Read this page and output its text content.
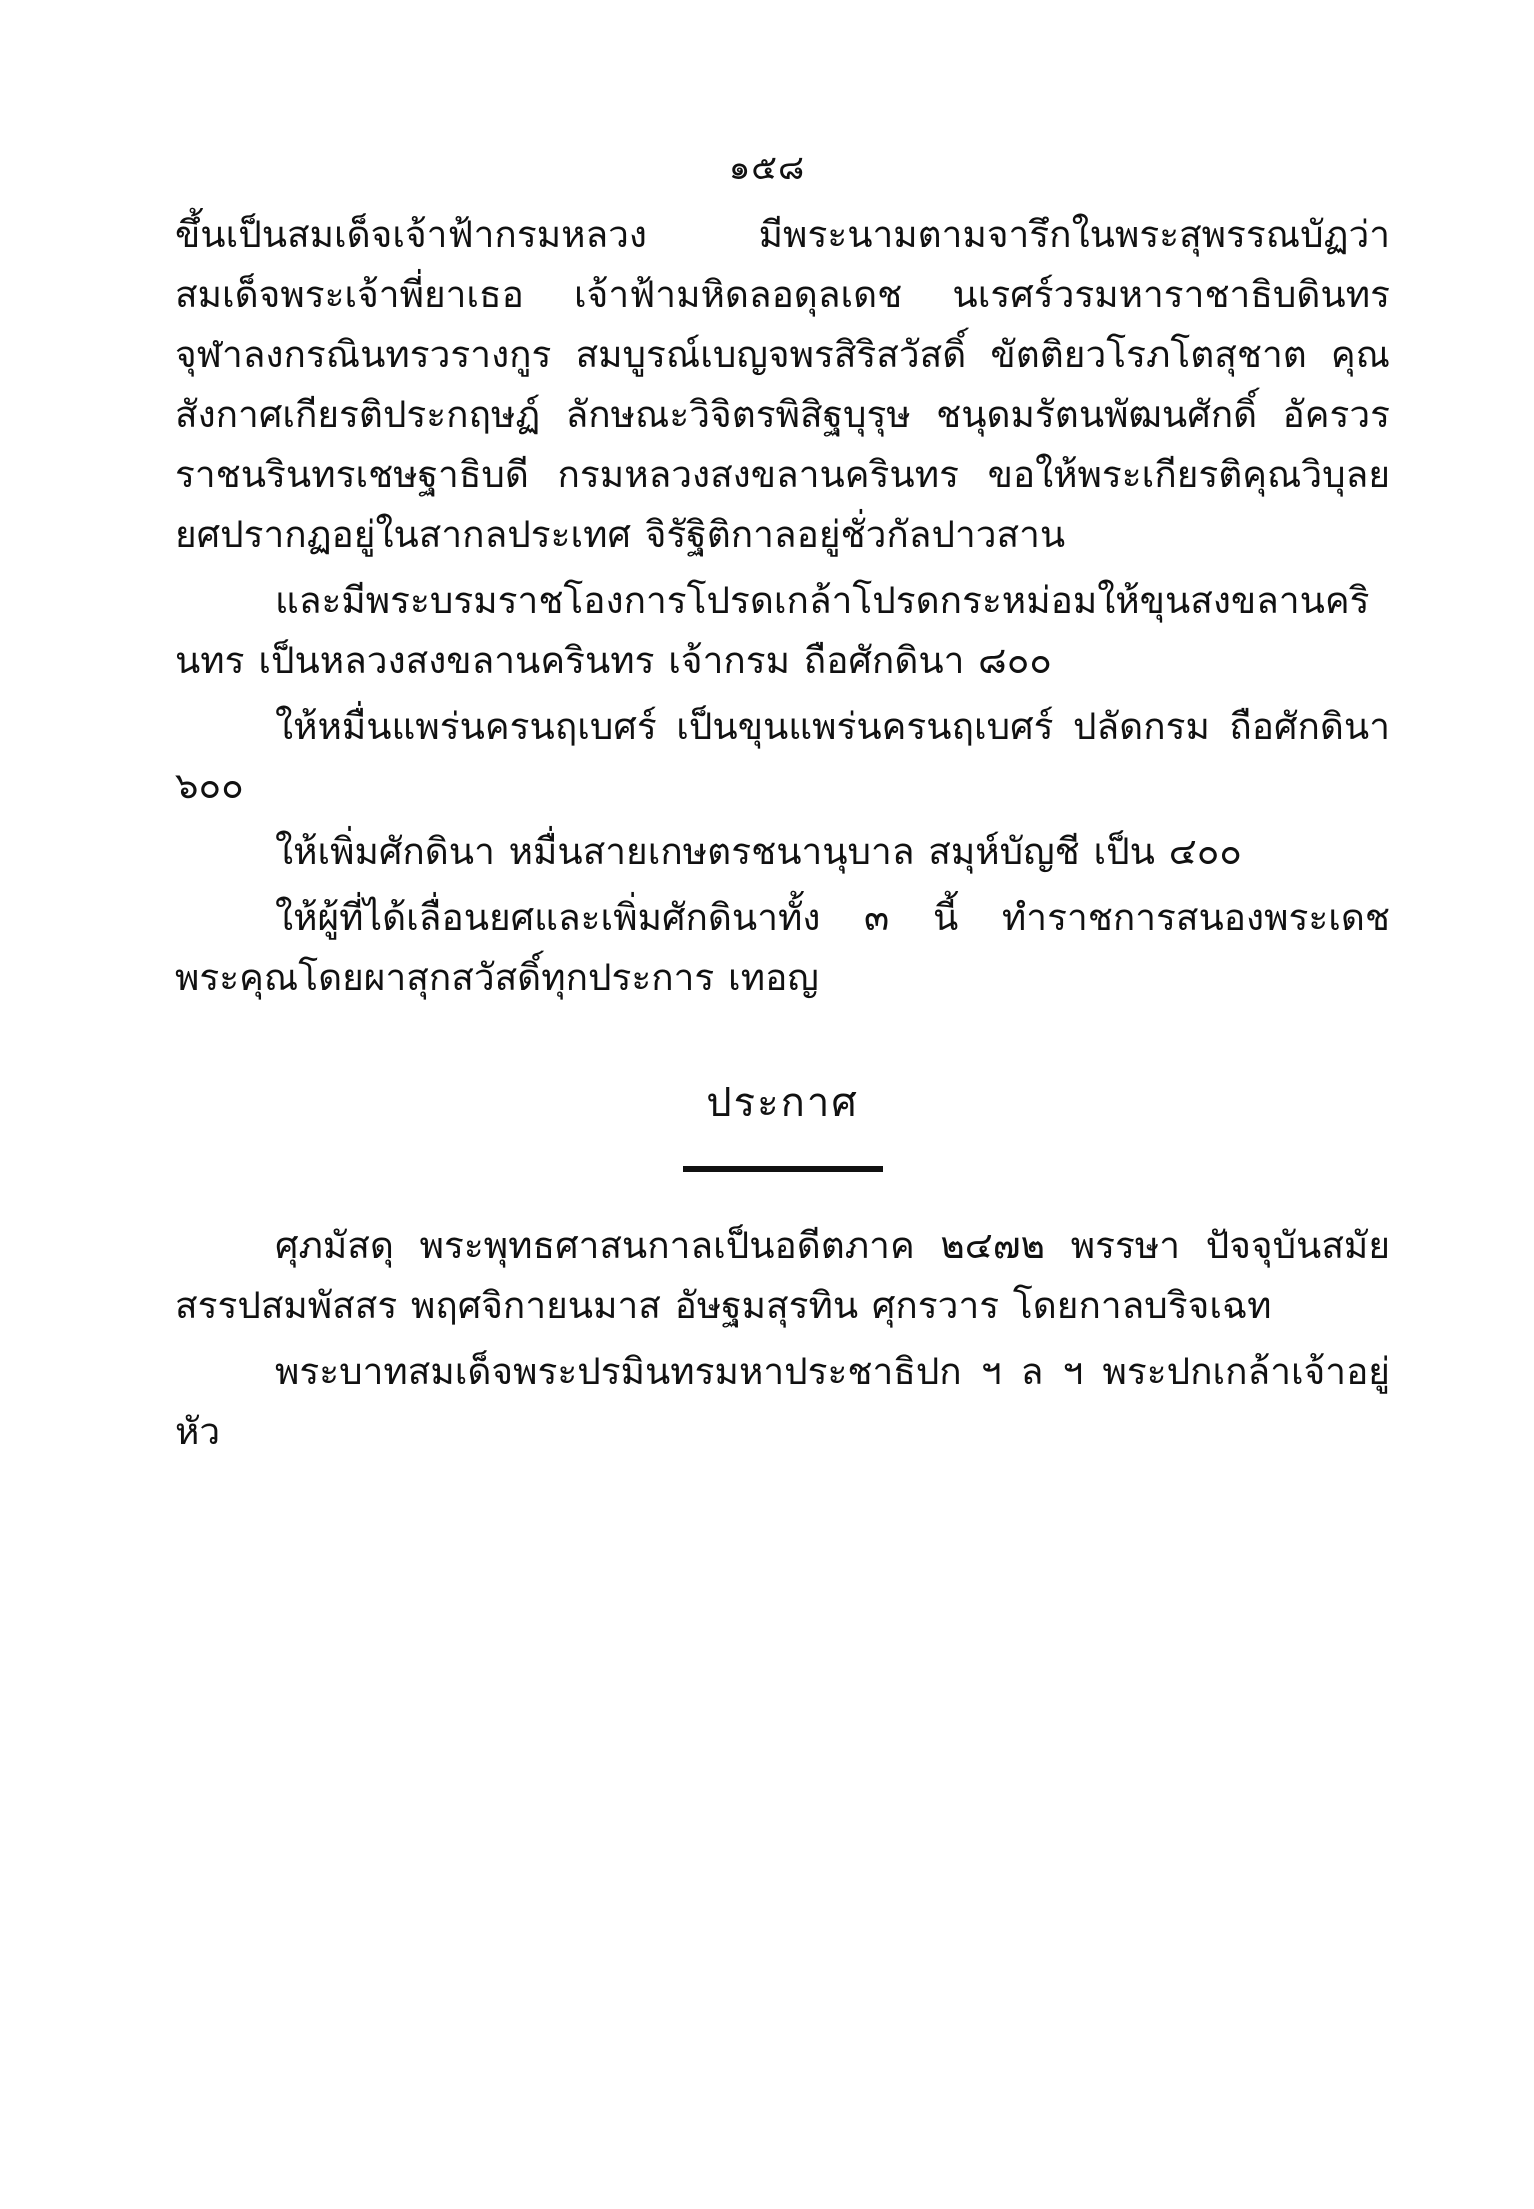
๑๕๘

ขึ้นเป็นสมเด็จเจ้าฟ้ากรมหลวง มีพระนามตามจารึกในพระสุพรรณบัฏว่า สมเด็จพระเจ้าพี่ยาเธอ เจ้าฟ้ามหิดลอดุลเดช นเรศร์วรมหาราชาธิบดินทร จุฬาลงกรณินทรวรางกูร สมบูรณ์เบญจพรสิริสวัสดิ์ ขัตติยวโรภโตสุชาต คุณสังกาศเกียรติประกฤษฏ์ ลักษณะวิจิตรพิสิฐบุรุษ ชนุดมรัตนพัฒนศักดิ์ อัครวรราชนรินทรเชษฐาธิบดี กรมหลวงสงขลานครินทร ขอให้พระเกียรติคุณวิบุลยยศปรากฏอยู่ในสากลประเทศ จิรัฐิติกาลอยู่ชั่วกัลปาวสาน

และมีพระบรมราชโองการโปรดเกล้าโปรดกระหม่อมให้ขุนสงขลานครินทร เป็นหลวงสงขลานครินทร เจ้ากรม ถือศักดินา ๘๐๐

ให้หมื่นแพร่นครนฤเบศร์ เป็นขุนแพร่นครนฤเบศร์ ปลัดกรม ถือศักดินา ๖๐๐

ให้เพิ่มศักดินา หมื่นสายเกษตรชนานุบาล สมุห์บัญชี เป็น ๔๐๐

ให้ผู้ที่ได้เลื่อนยศและเพิ่มศักดินาทั้ง ๓ นี้ ทำราชการสนองพระเดชพระคุณโดยผาสุกสวัสดิ์ทุกประการ เทอญ

ประกาศ

ศุภมัสดุ พระพุทธศาสนกาลเป็นอดีตภาค ๒๔๗๒ พรรษา ปัจจุบันสมัย สรรปสมพัสสร พฤศจิกายนมาส อัษฐมสุรทิน ศุกรวาร โดยกาลบริจเฉท

พระบาทสมเด็จพระปรมินทรมหาประชาธิปก ฯ ล ฯ พระปกเกล้าเจ้าอยู่หัว
